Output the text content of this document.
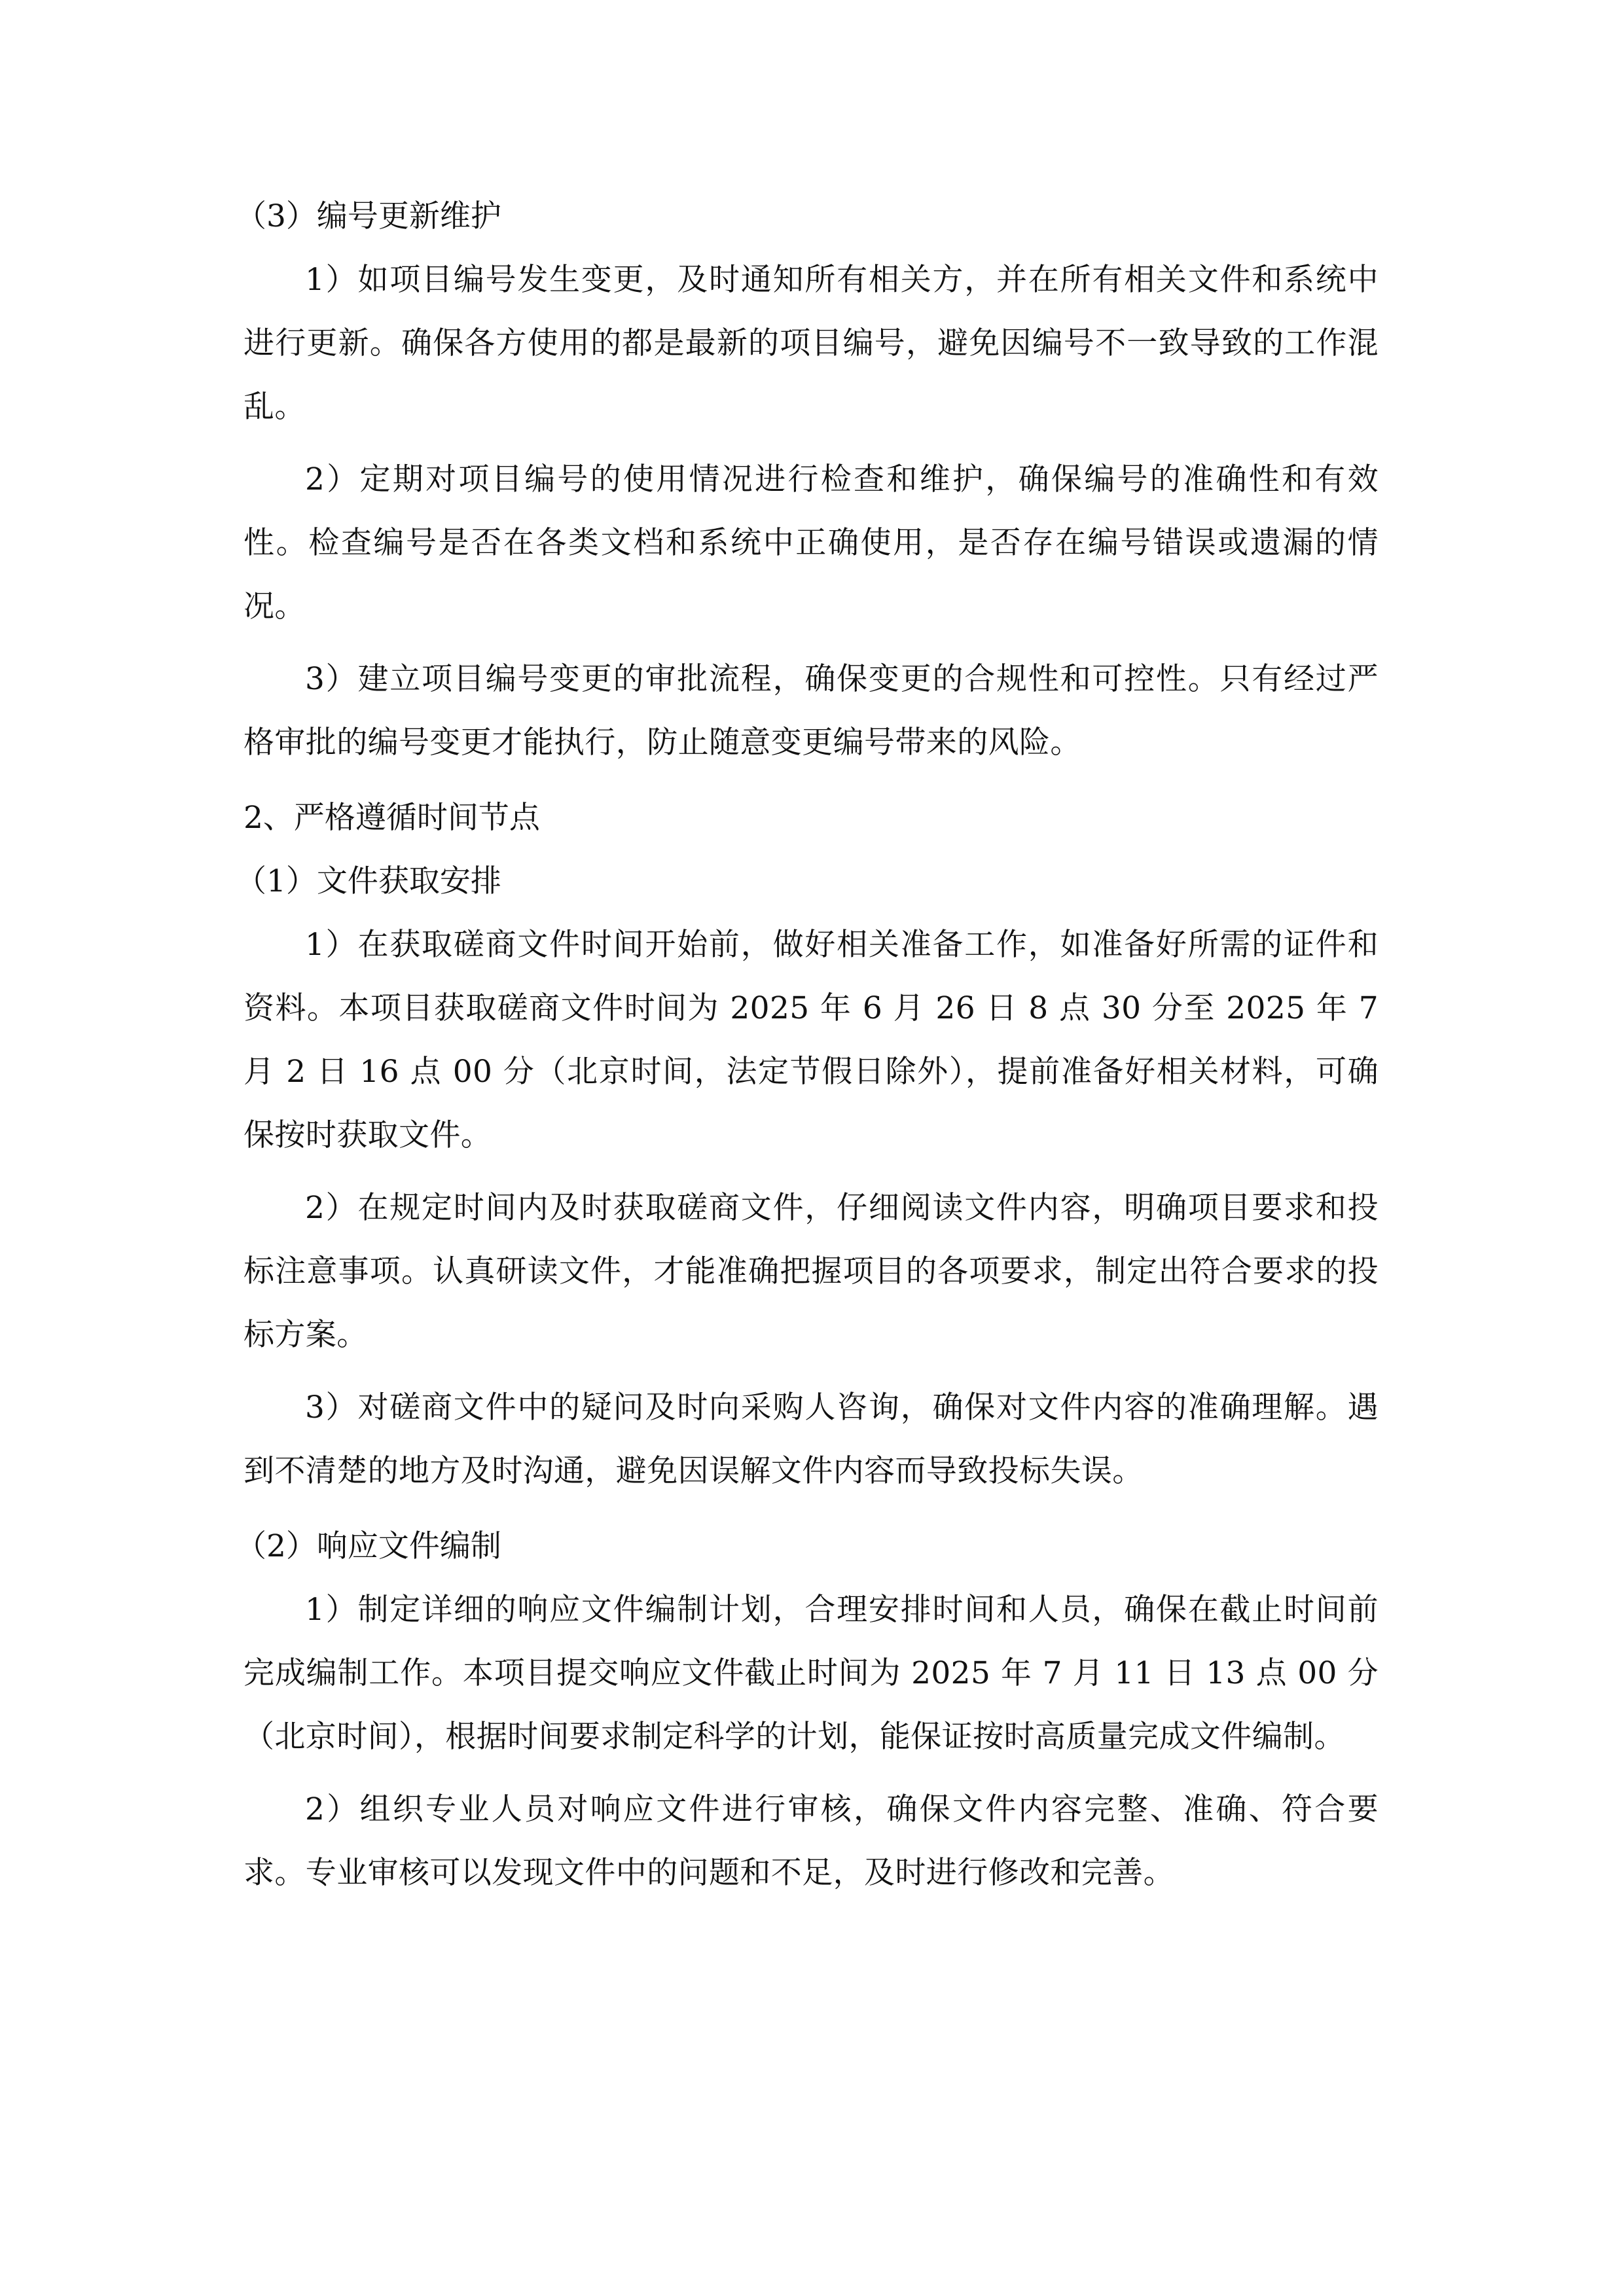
（3）编号更新维护

1）如项目编号发生变更，及时通知所有相关方，并在所有相关文件和系统中进行更新。确保各方使用的都是最新的项目编号，避免因编号不一致导致的工作混乱。

2）定期对项目编号的使用情况进行检查和维护，确保编号的准确性和有效性。检查编号是否在各类文档和系统中正确使用，是否存在编号错误或遗漏的情况。

3）建立项目编号变更的审批流程，确保变更的合规性和可控性。只有经过严格审批的编号变更才能执行，防止随意变更编号带来的风险。

2、严格遵循时间节点
（1）文件获取安排

1）在获取磋商文件时间开始前，做好相关准备工作，如准备好所需的证件和资料。本项目获取磋商文件时间为 2025 年 6 月 26 日 8 点 30 分至 2025 年 7 月 2 日 16 点 00 分（北京时间，法定节假日除外），提前准备好相关材料，可确保按时获取文件。

2）在规定时间内及时获取磋商文件，仔细阅读文件内容，明确项目要求和投标注意事项。认真研读文件，才能准确把握项目的各项要求，制定出符合要求的投标方案。

3）对磋商文件中的疑问及时向采购人咨询，确保对文件内容的准确理解。遇到不清楚的地方及时沟通，避免因误解文件内容而导致投标失误。

（2）响应文件编制

1）制定详细的响应文件编制计划，合理安排时间和人员，确保在截止时间前完成编制工作。本项目提交响应文件截止时间为 2025 年 7 月 11 日 13 点 00 分（北京时间），根据时间要求制定科学的计划，能保证按时高质量完成文件编制。

2）组织专业人员对响应文件进行审核，确保文件内容完整、准确、符合要求。专业审核可以发现文件中的问题和不足，及时进行修改和完善。
